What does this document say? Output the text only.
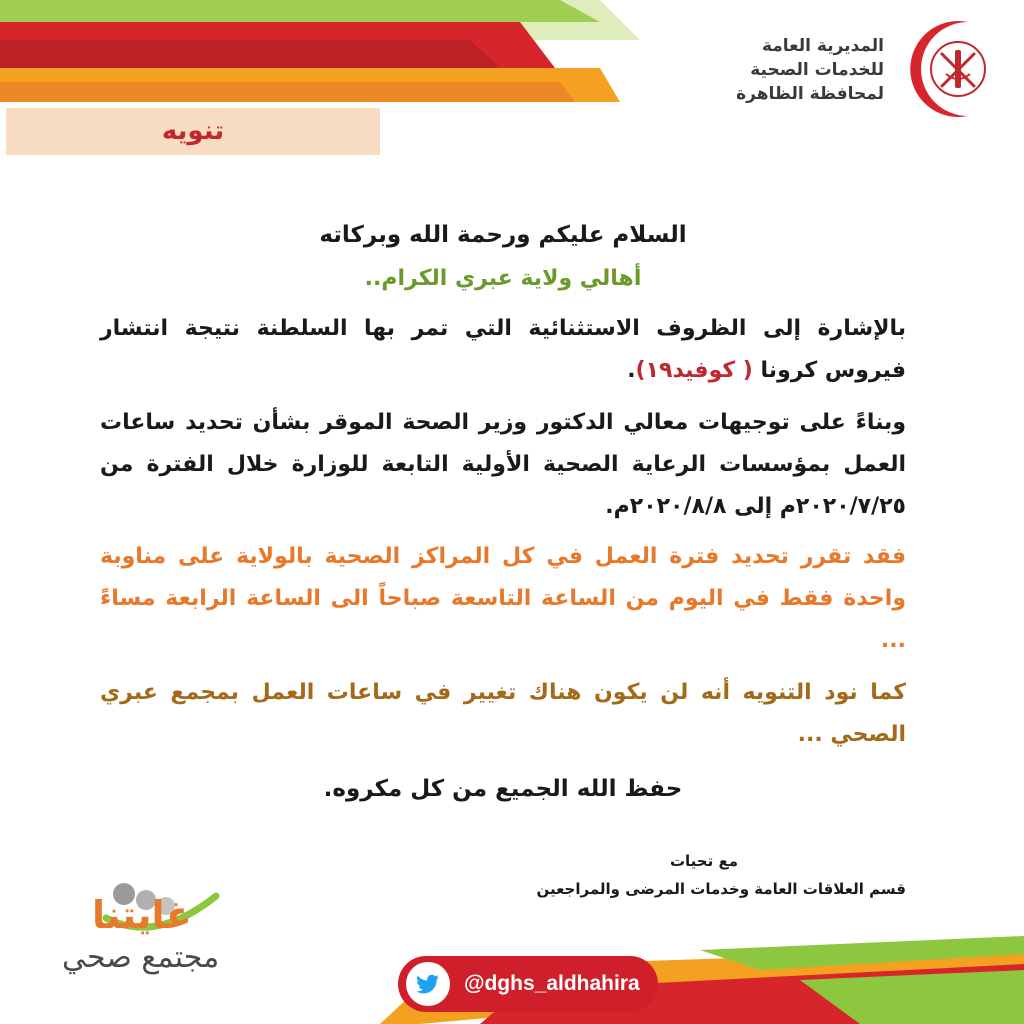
المديرية العامة
للخدمات الصحية
لمحافظة الظاهرة
تنويه
السلام عليكم ورحمة الله وبركاته
أهالي ولاية عبري الكرام..
بالإشارة إلى الظروف الاستثنائية التي تمر بها السلطنة نتيجة انتشار فيروس كرونا ( كوفيد١٩).
وبناءً على توجيهات معالي الدكتور وزير الصحة الموقر بشأن تحديد ساعات العمل بمؤسسات الرعاية الصحية الأولية التابعة للوزارة خلال الفترة من ٢٠٢٠/٧/٢٥م إلى ٢٠٢٠/٨/٨م.
فقد تقرر تحديد فترة العمل في كل المراكز الصحية بالولاية على مناوبة واحدة فقط في اليوم من الساعة التاسعة صباحاً الى الساعة الرابعة مساءً ...
كما نود التنويه أنه لن يكون هناك تغيير في ساعات العمل بمجمع عبري الصحي ...
حفظ الله الجميع من كل مكروه.
مع تحيات
قسم العلاقات العامة وخدمات المرضى والمراجعين
غايتنا
مجتمع صحي
@dghs_aldhahira
